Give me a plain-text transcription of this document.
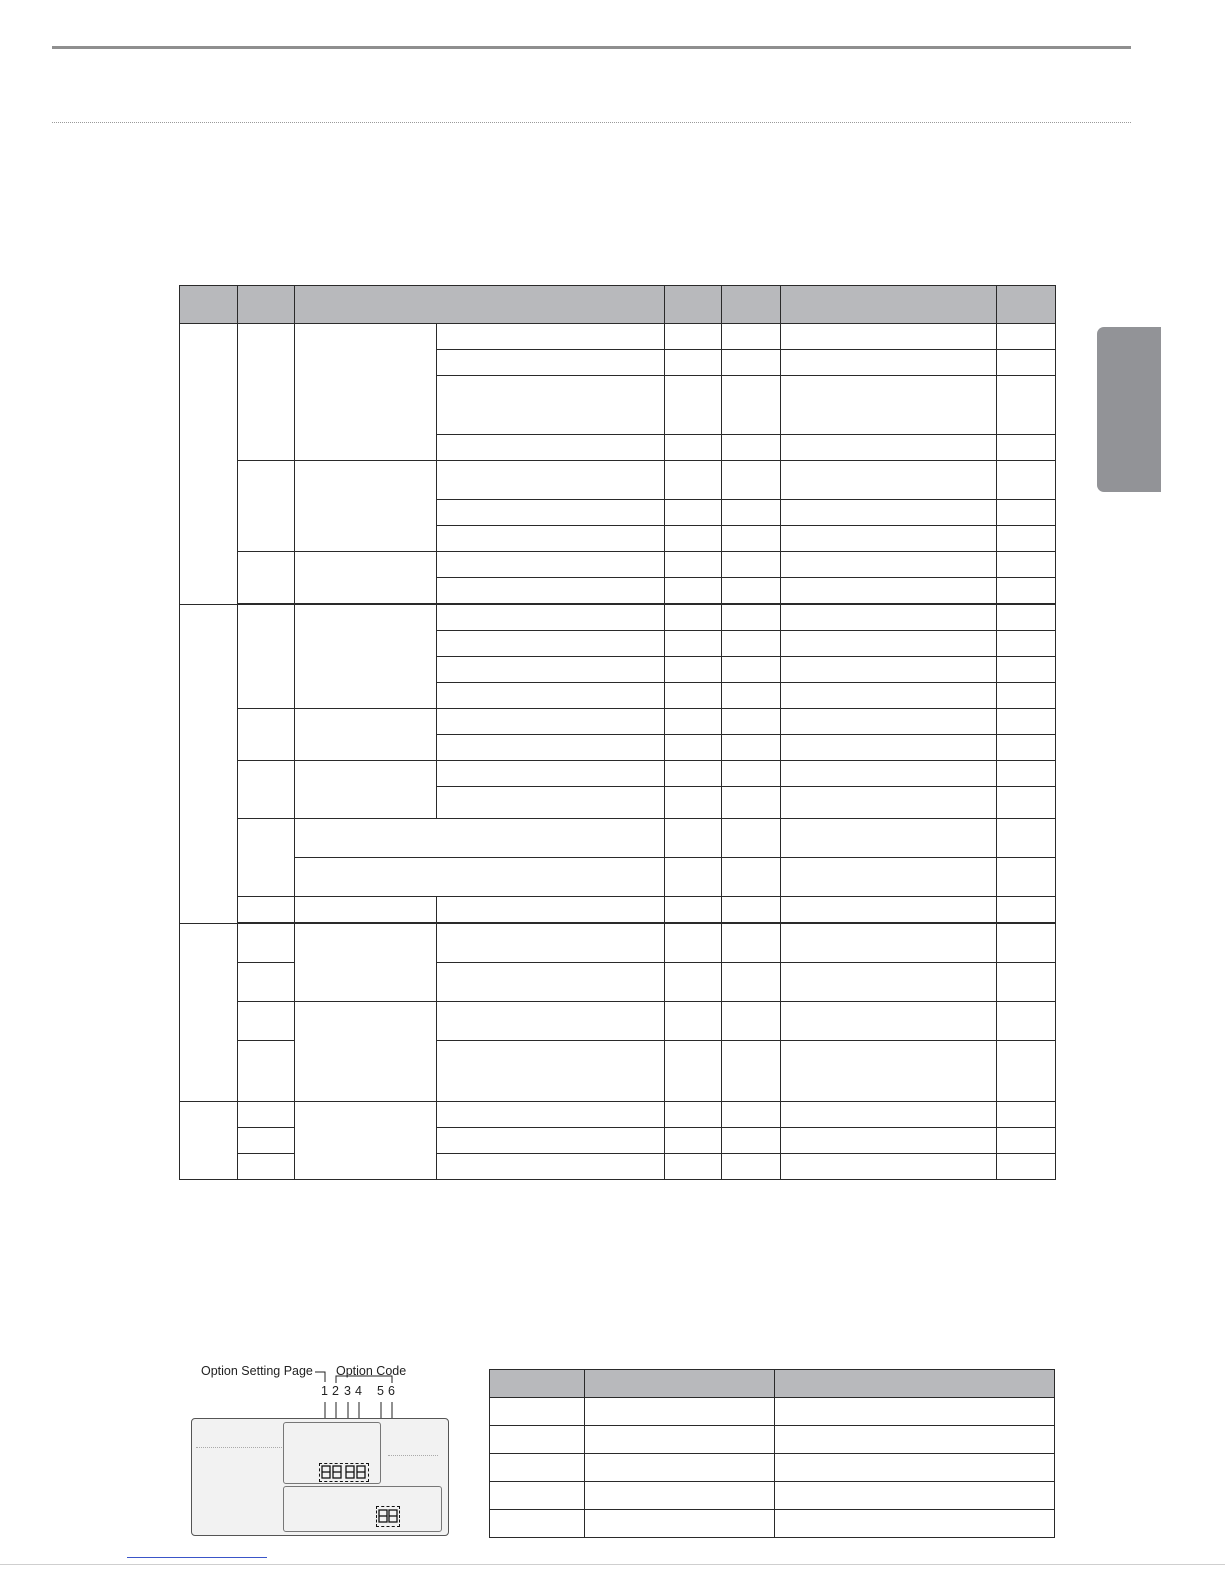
Option Setting Page Option Code
1 2 3 4 5 6
